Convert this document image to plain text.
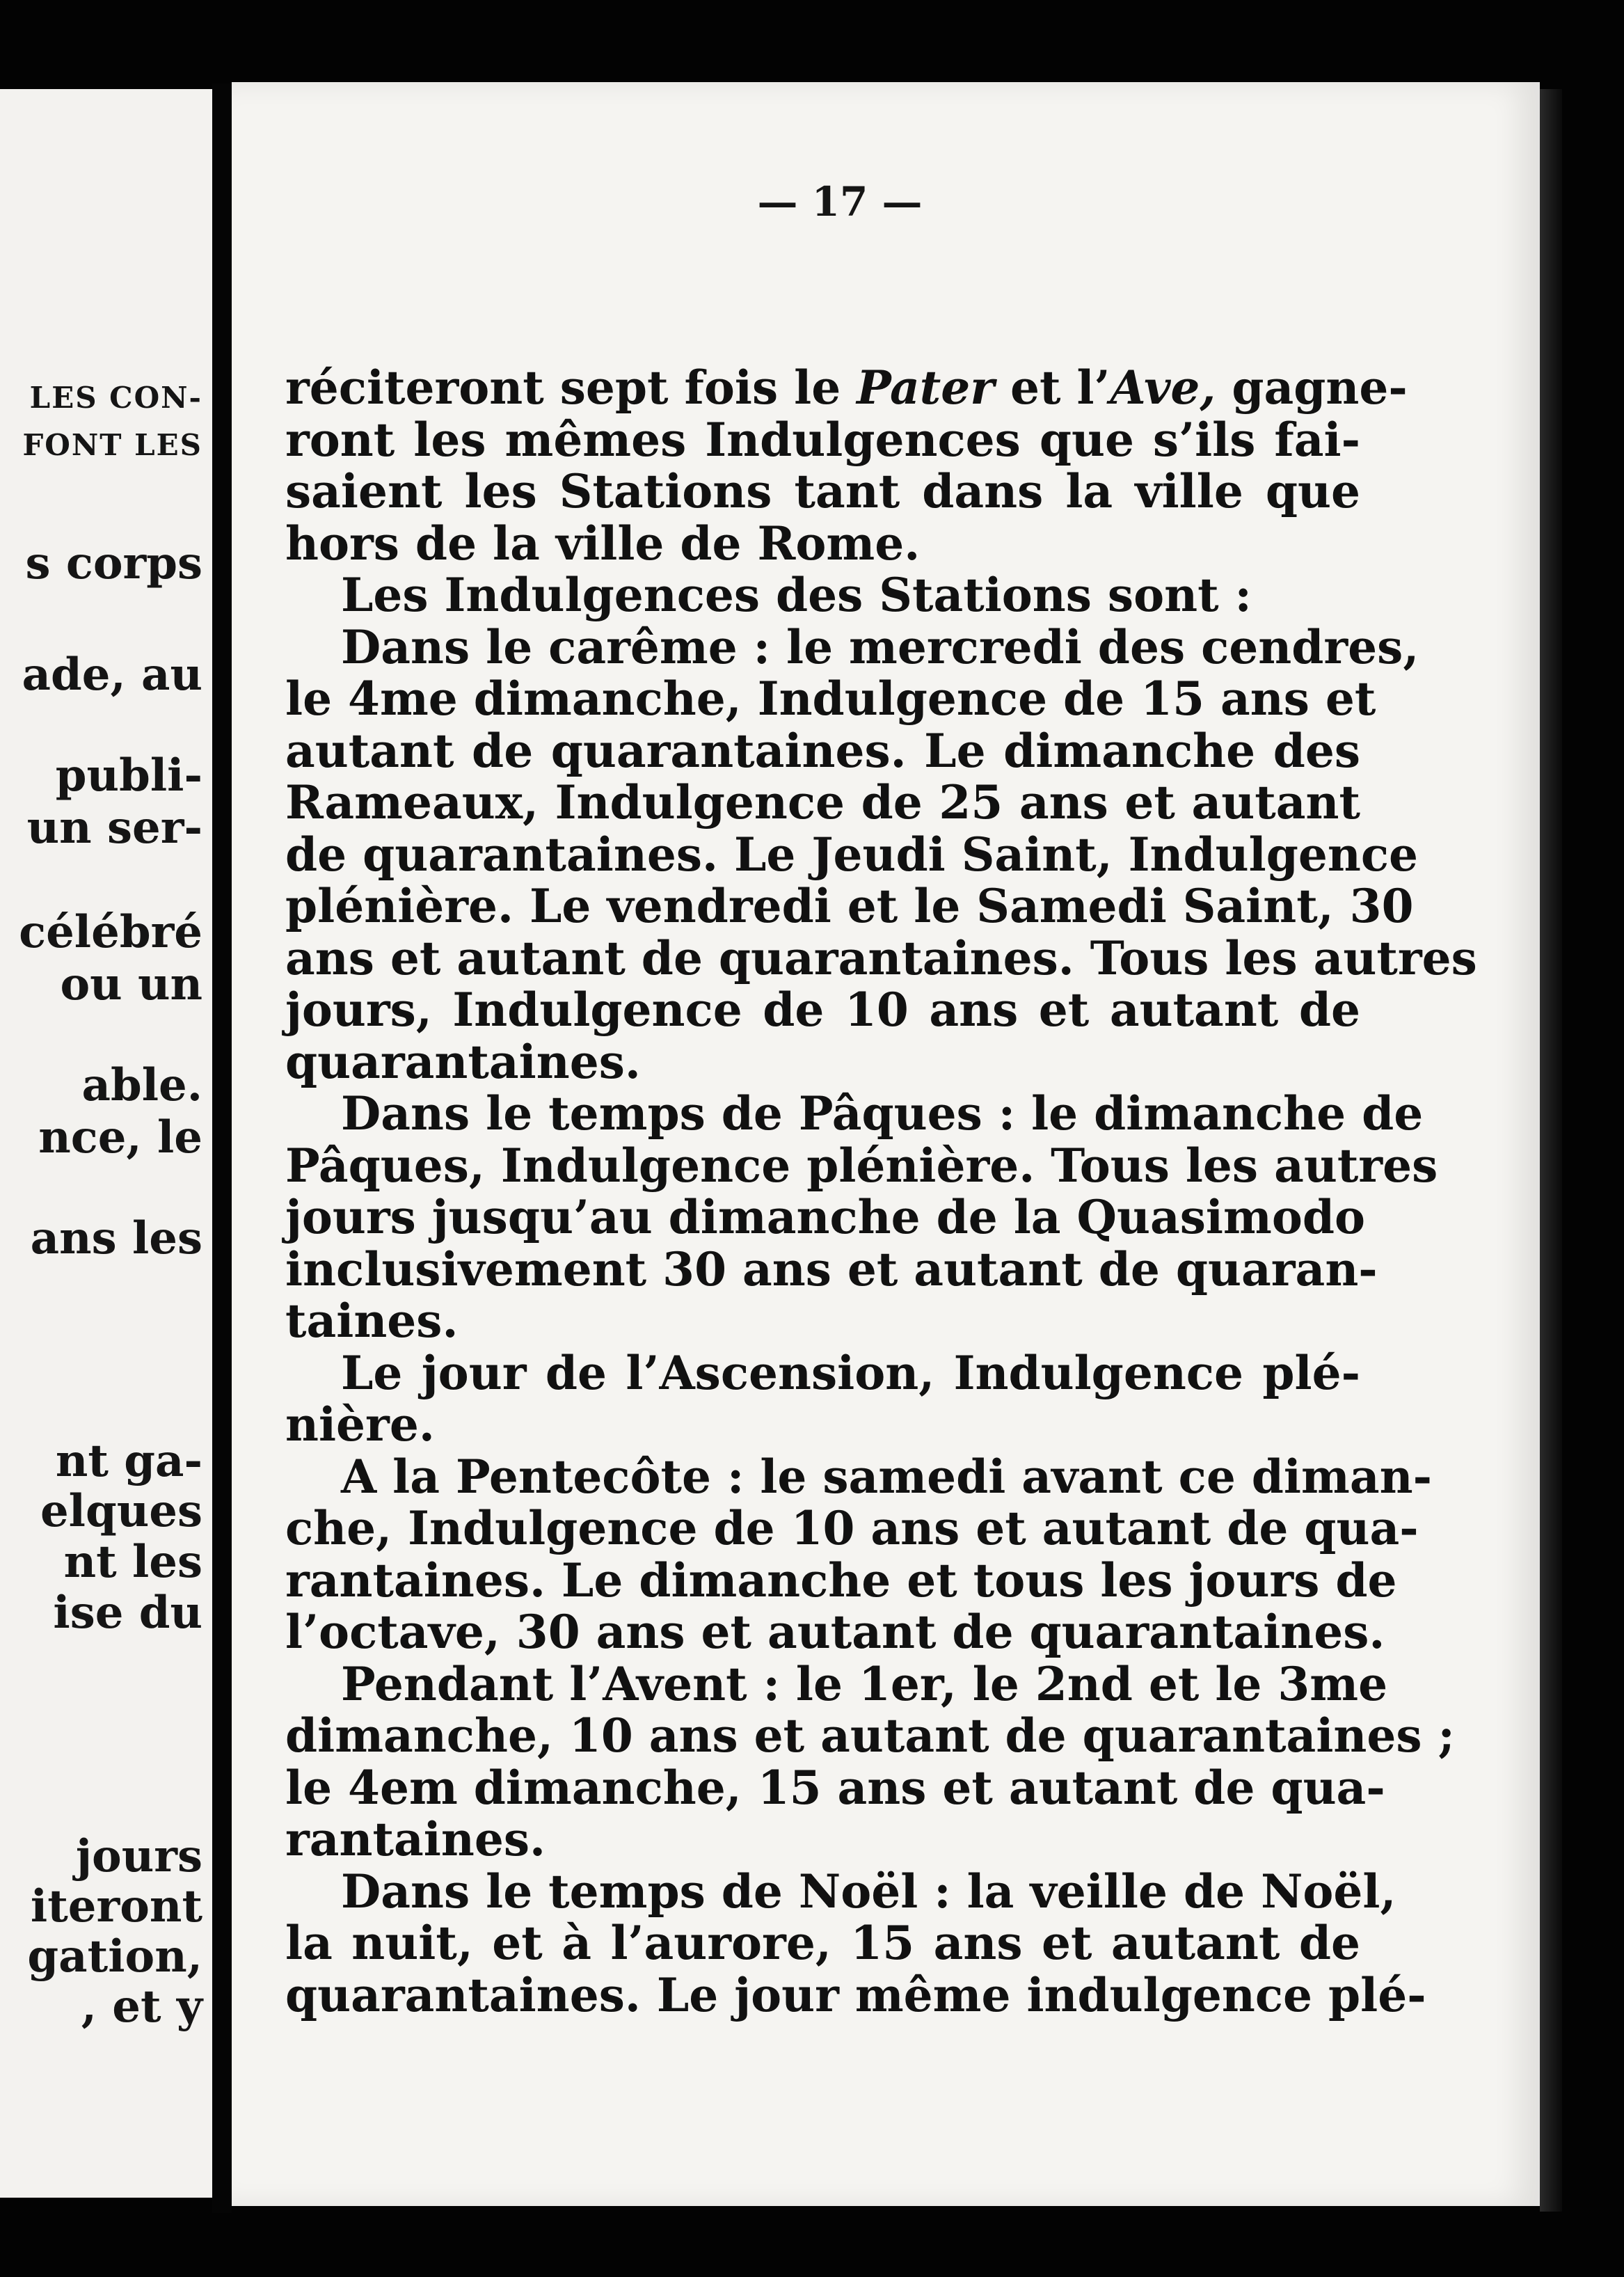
LES CON-
FONT LES
s corps
ade, au
publi-
un ser-
célébré
ou un
able.
nce, le
ans les
nt ga-
elques
nt les
ise du
jours
iteront
gation,
, et y
— 17 —
réciteront sept fois le Pater et l’Ave, gagne-
ront les mêmes Indulgences que s’ils fai-
saient les Stations tant dans la ville que
hors de la ville de Rome.
Les Indulgences des Stations sont :
Dans le carême : le mercredi des cendres,
le 4me dimanche, Indulgence de 15 ans et
autant de quarantaines. Le dimanche des
Rameaux, Indulgence de 25 ans et autant
de quarantaines. Le Jeudi Saint, Indulgence
plénière. Le vendredi et le Samedi Saint, 30
ans et autant de quarantaines. Tous les autres
jours, Indulgence de 10 ans et autant de
quarantaines.
Dans le temps de Pâques : le dimanche de
Pâques, Indulgence plénière. Tous les autres
jours jusqu’au dimanche de la Quasimodo
inclusivement 30 ans et autant de quaran-
taines.
Le jour de l’Ascension, Indulgence plé-
nière.
A la Pentecôte : le samedi avant ce diman-
che, Indulgence de 10 ans et autant de qua-
rantaines. Le dimanche et tous les jours de
l’octave, 30 ans et autant de quarantaines.
Pendant l’Avent : le 1er, le 2nd et le 3me
dimanche, 10 ans et autant de quarantaines ;
le 4em dimanche, 15 ans et autant de qua-
rantaines.
Dans le temps de Noël : la veille de Noël,
la nuit, et à l’aurore, 15 ans et autant de
quarantaines. Le jour même indulgence plé-
